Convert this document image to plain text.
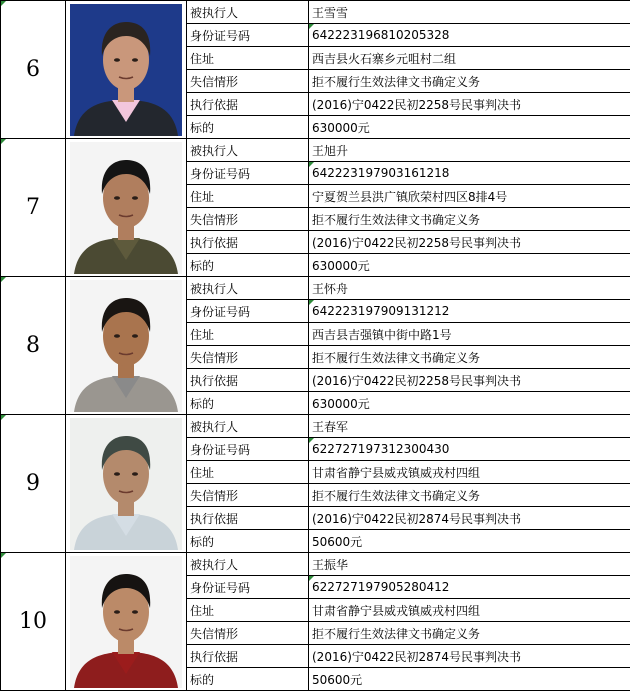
6		被执行人	王雪雪
		身份证号码	642223196810205328
		住址	西吉县火石寨乡元咀村二组
		失信情形	拒不履行生效法律文书确定义务
		执行依据	(2016)宁0422民初2258号民事判决书
		标的	630000元

7		被执行人	王旭升
		身份证号码	642223197903161218
		住址	宁夏贺兰县洪广镇欣荣村四区8排4号
		失信情形	拒不履行生效法律文书确定义务
		执行依据	(2016)宁0422民初2258号民事判决书
		标的	630000元

8		被执行人	王怀舟
		身份证号码	642223197909131212
		住址	西吉县吉强镇中街中路1号
		失信情形	拒不履行生效法律文书确定义务
		执行依据	(2016)宁0422民初2258号民事判决书
		标的	630000元

9		被执行人	王春军
		身份证号码	622727197312300430
		住址	甘肃省静宁县威戎镇威戎村四组
		失信情形	拒不履行生效法律文书确定义务
		执行依据	(2016)宁0422民初2874号民事判决书
		标的	50600元

10		被执行人	王振华
		身份证号码	622727197905280412
		住址	甘肃省静宁县威戎镇威戎村四组
		失信情形	拒不履行生效法律文书确定义务
		执行依据	(2016)宁0422民初2874号民事判决书
		标的	50600元
